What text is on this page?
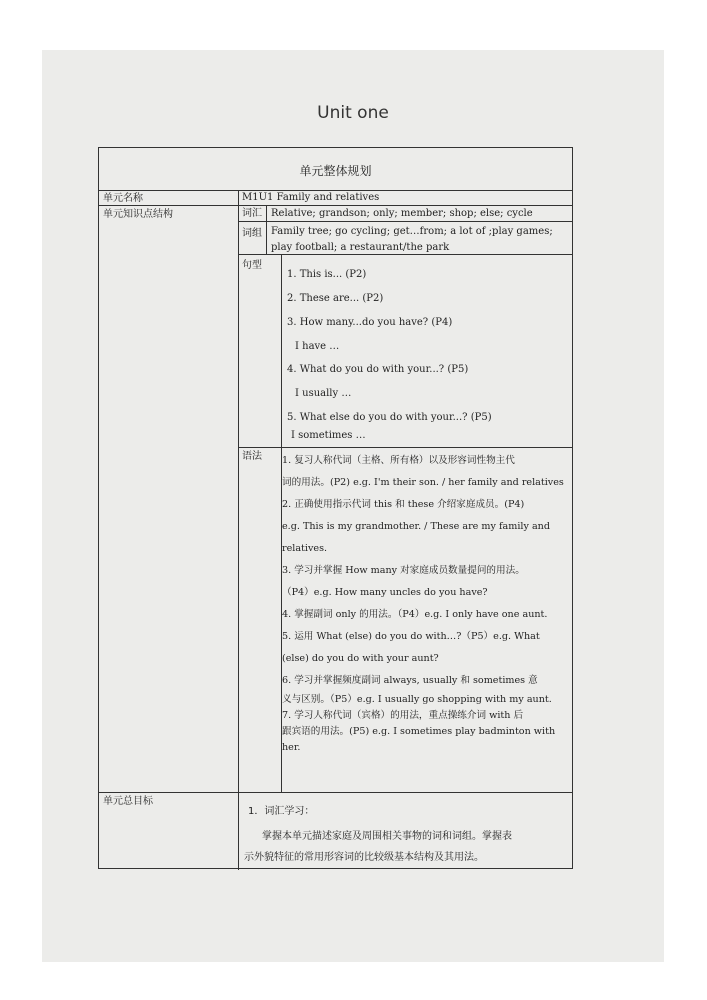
Unit one
单元整体规划
单元名称	M1U1 Family and relatives
单元知识点结构	词汇 Relative; grandson; only; member; shop; else; cycle
词组 Family tree; go cycling; get…from; a lot of ;play games;
play football; a restaurant/the park
句型
1. This is... (P2)
2. These are... (P2)
3. How many...do you have? (P4)
I have …
4. What do you do with your...? (P5)
I usually …
5. What else do you do with your...? (P5)
I sometimes …
语法 1. 复习人称代词（主格、所有格）以及形容词性物主代
词的用法。(P2) e.g. I'm their son. / her family and relatives
2. 正确使用指示代词 this 和 these 介绍家庭成员。(P4)
e.g. This is my grandmother. / These are my family and
relatives.
3. 学习并掌握 How many 对家庭成员数量提问的用法。
（P4）e.g. How many uncles do you have?
4. 掌握副词 only 的用法。（P4）e.g. I only have one aunt.
5. 运用 What (else) do you do with…?（P5）e.g. What
(else) do you do with your aunt?
6. 学习并掌握频度副词 always, usually 和 sometimes 意
义与区别。（P5）e.g. I usually go shopping with my aunt.
7. 学习人称代词（宾格）的用法，重点操练介词 with 后
跟宾语的用法。(P5) e.g. I sometimes play badminton with
her.
单元总目标
1．词汇学习：
掌握本单元描述家庭及周围相关事物的词和词组。掌握表
示外貌特征的常用形容词的比较级基本结构及其用法。
